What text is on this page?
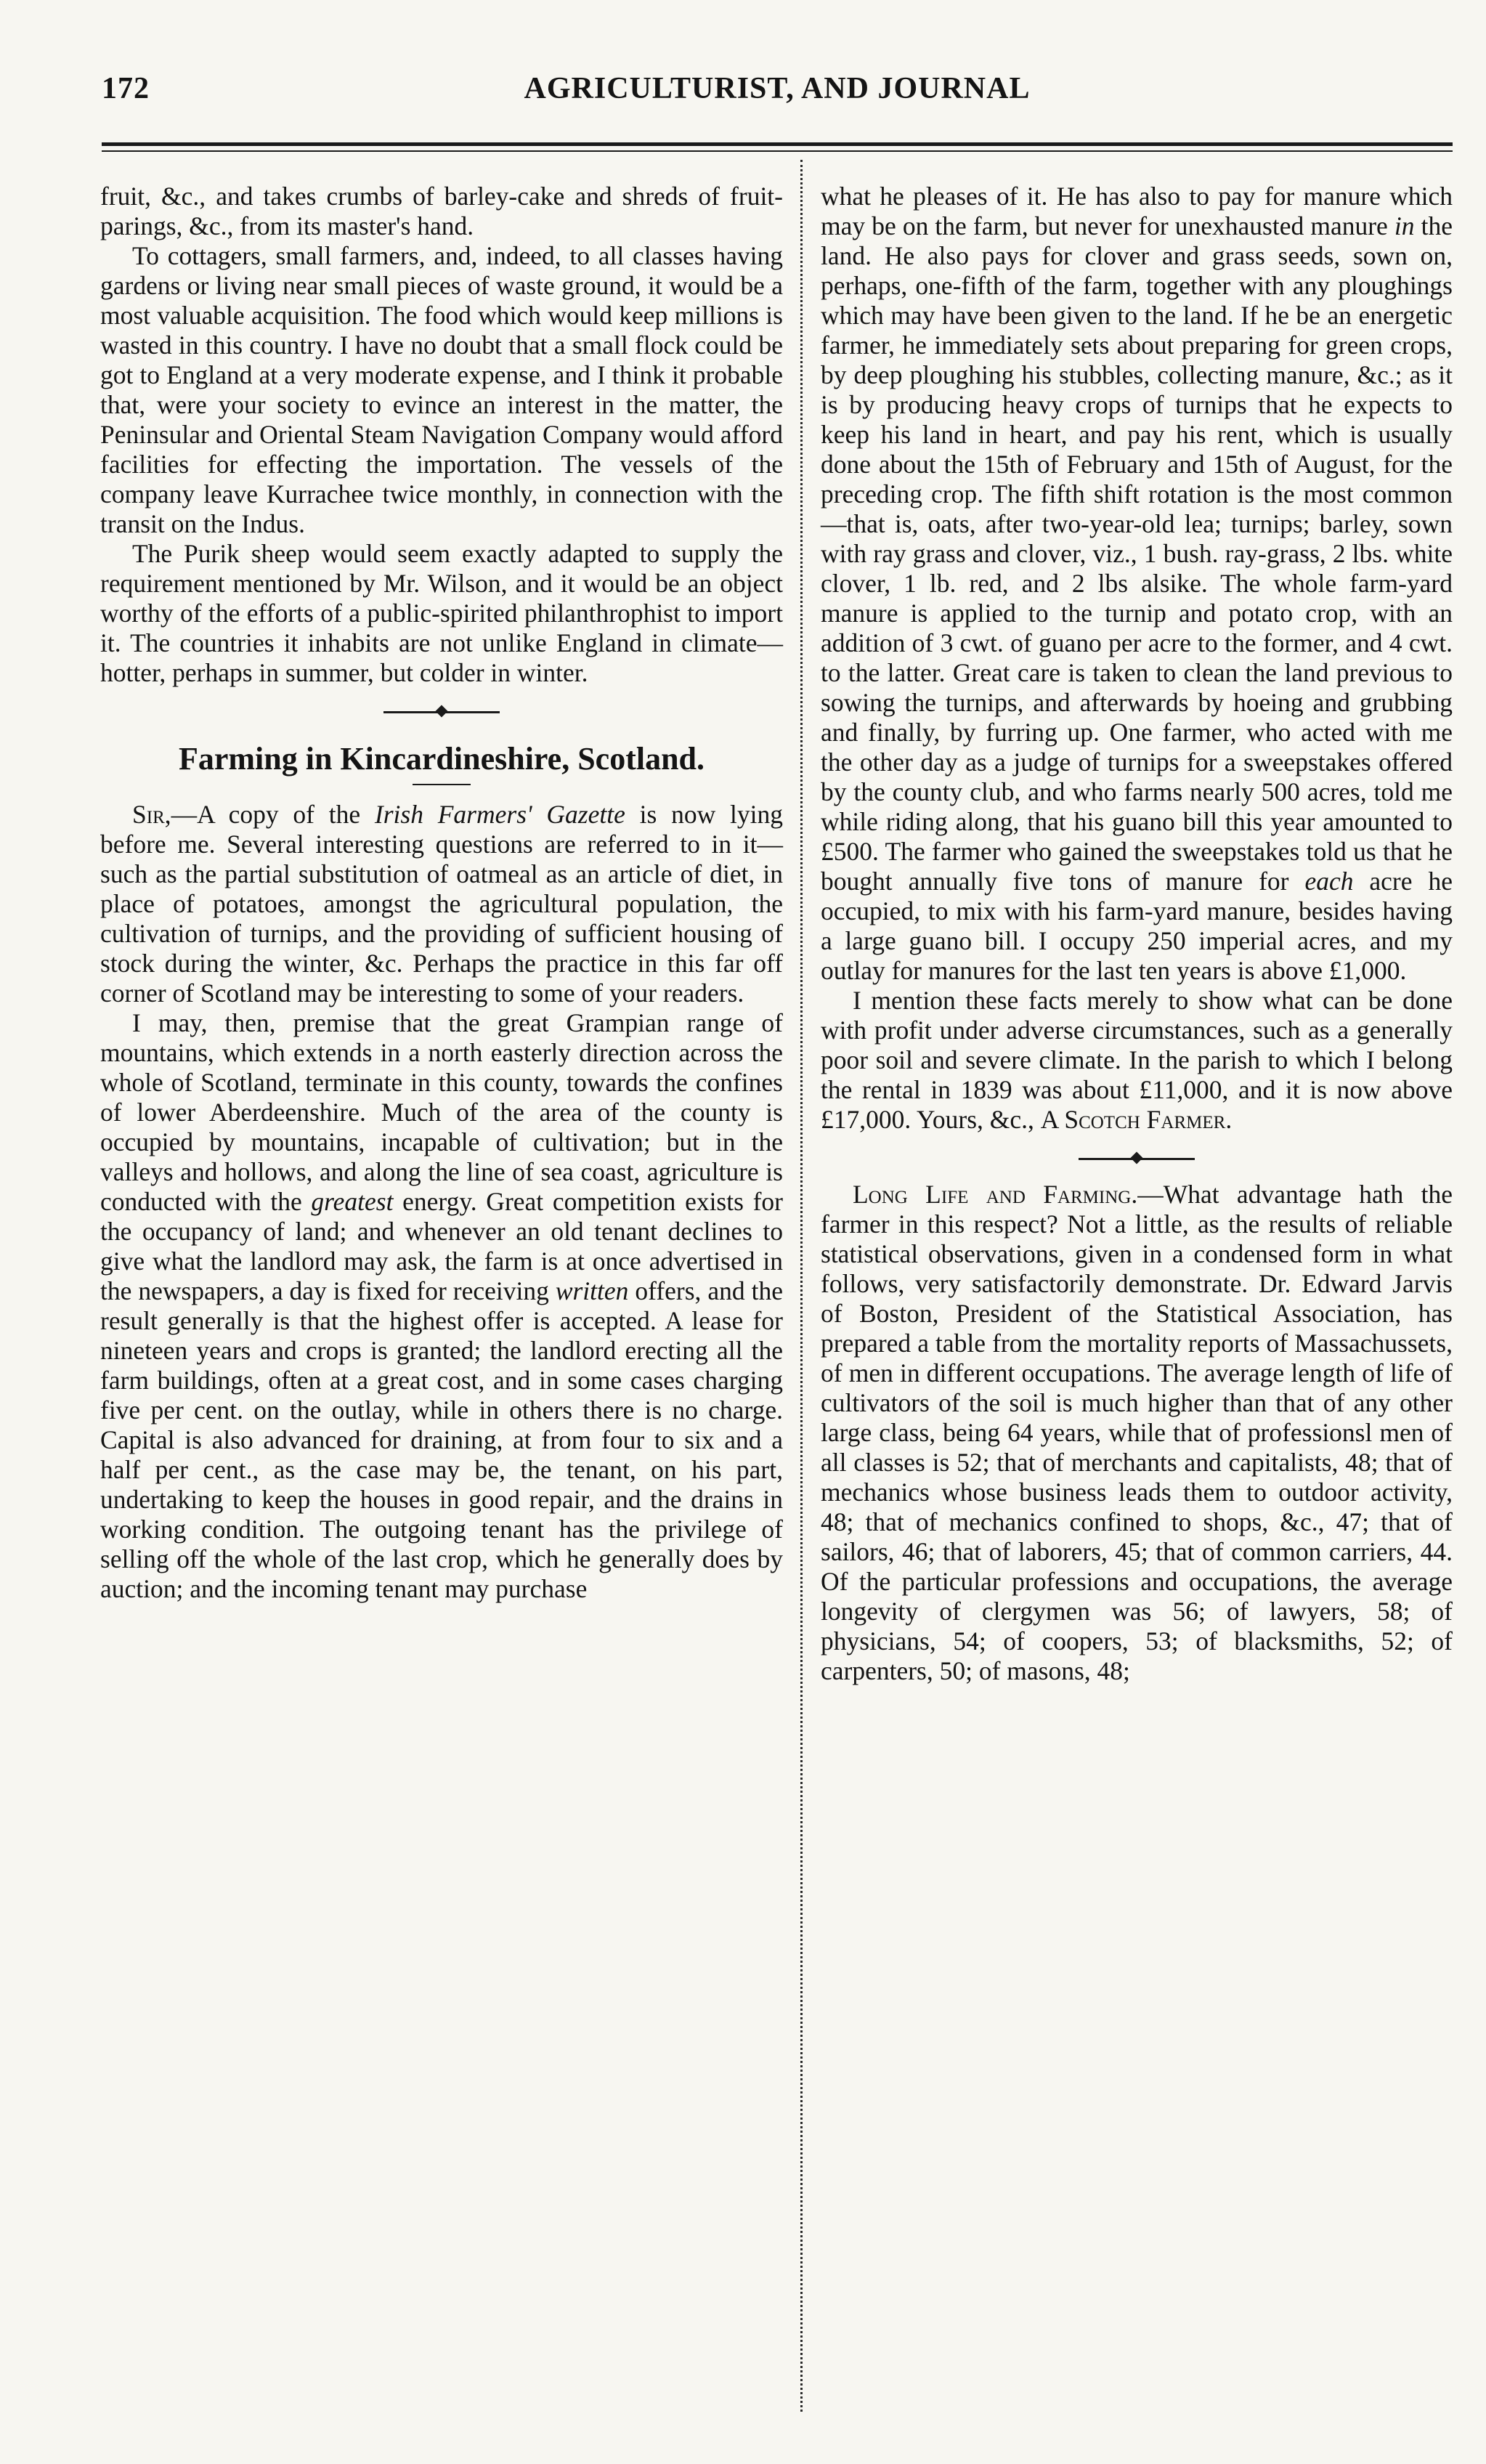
172	AGRICULTURIST, AND JOURNAL

fruit, &c., and takes crumbs of barley-cake and shreds of fruit-parings, &c., from its master's hand.

To cottagers, small farmers, and, indeed, to all classes having gardens or living near small pieces of waste ground, it would be a most valuable acquisition. The food which would keep millions is wasted in this country. I have no doubt that a small flock could be got to England at a very moderate expense, and I think it probable that, were your society to evince an interest in the matter, the Peninsular and Oriental Steam Navigation Company would afford facilities for effecting the importation. The vessels of the company leave Kurrachee twice monthly, in connection with the transit on the Indus.

The Purik sheep would seem exactly adapted to supply the requirement mentioned by Mr. Wilson, and it would be an object worthy of the efforts of a public-spirited philanthrophist to import it. The countries it inhabits are not unlike England in climate—hotter, perhaps in summer, but colder in winter.

Farming in Kincardineshire, Scotland.

Sir,—A copy of the Irish Farmers' Gazette is now lying before me. Several interesting questions are referred to in it—such as the partial substitution of oatmeal as an article of diet, in place of potatoes, amongst the agricultural population, the cultivation of turnips, and the providing of sufficient housing of stock during the winter, &c. Perhaps the practice in this far off corner of Scotland may be interesting to some of your readers.

I may, then, premise that the great Grampian range of mountains, which extends in a north easterly direction across the whole of Scotland, terminate in this county, towards the confines of lower Aberdeenshire. Much of the area of the county is occupied by mountains, incapable of cultivation; but in the valleys and hollows, and along the line of sea coast, agriculture is conducted with the greatest energy. Great competition exists for the occupancy of land; and whenever an old tenant declines to give what the landlord may ask, the farm is at once advertised in the newspapers, a day is fixed for receiving written offers, and the result generally is that the highest offer is accepted. A lease for nineteen years and crops is granted; the landlord erecting all the farm buildings, often at a great cost, and in some cases charging five per cent. on the outlay, while in others there is no charge. Capital is also advanced for draining, at from four to six and a half per cent., as the case may be, the tenant, on his part, undertaking to keep the houses in good repair, and the drains in working condition. The outgoing tenant has the privilege of selling off the whole of the last crop, which he generally does by auction; and the incoming tenant may purchase

what he pleases of it. He has also to pay for manure which may be on the farm, but never for unexhausted manure in the land. He also pays for clover and grass seeds, sown on, perhaps, one-fifth of the farm, together with any ploughings which may have been given to the land. If he be an energetic farmer, he immediately sets about preparing for green crops, by deep ploughing his stubbles, collecting manure, &c.; as it is by producing heavy crops of turnips that he expects to keep his land in heart, and pay his rent, which is usually done about the 15th of February and 15th of August, for the preceding crop. The fifth shift rotation is the most common—that is, oats, after two-year-old lea; turnips; barley, sown with ray grass and clover, viz., 1 bush. ray-grass, 2 lbs. white clover, 1 lb. red, and 2 lbs alsike. The whole farm-yard manure is applied to the turnip and potato crop, with an addition of 3 cwt. of guano per acre to the former, and 4 cwt. to the latter. Great care is taken to clean the land previous to sowing the turnips, and afterwards by hoeing and grubbing and finally, by furring up. One farmer, who acted with me the other day as a judge of turnips for a sweepstakes offered by the county club, and who farms nearly 500 acres, told me while riding along, that his guano bill this year amounted to £500. The farmer who gained the sweepstakes told us that he bought annually five tons of manure for each acre he occupied, to mix with his farm-yard manure, besides having a large guano bill. I occupy 250 imperial acres, and my outlay for manures for the last ten years is above £1,000.

I mention these facts merely to show what can be done with profit under adverse circumstances, such as a generally poor soil and severe climate. In the parish to which I belong the rental in 1839 was about £11,000, and it is now above £17,000. Yours, &c., A Scotch Farmer.

Long Life and Farming.—What advantage hath the farmer in this respect? Not a little, as the results of reliable statistical observations, given in a condensed form in what follows, very satisfactorily demonstrate. Dr. Edward Jarvis of Boston, President of the Statistical Association, has prepared a table from the mortality reports of Massachussets, of men in different occupations. The average length of life of cultivators of the soil is much higher than that of any other large class, being 64 years, while that of professionsl men of all classes is 52; that of merchants and capitalists, 48; that of mechanics whose business leads them to outdoor activity, 48; that of mechanics confined to shops, &c., 47; that of sailors, 46; that of laborers, 45; that of common carriers, 44. Of the particular professions and occupations, the average longevity of clergymen was 56; of lawyers, 58; of physicians, 54; of coopers, 53; of blacksmiths, 52; of carpenters, 50; of masons, 48;
